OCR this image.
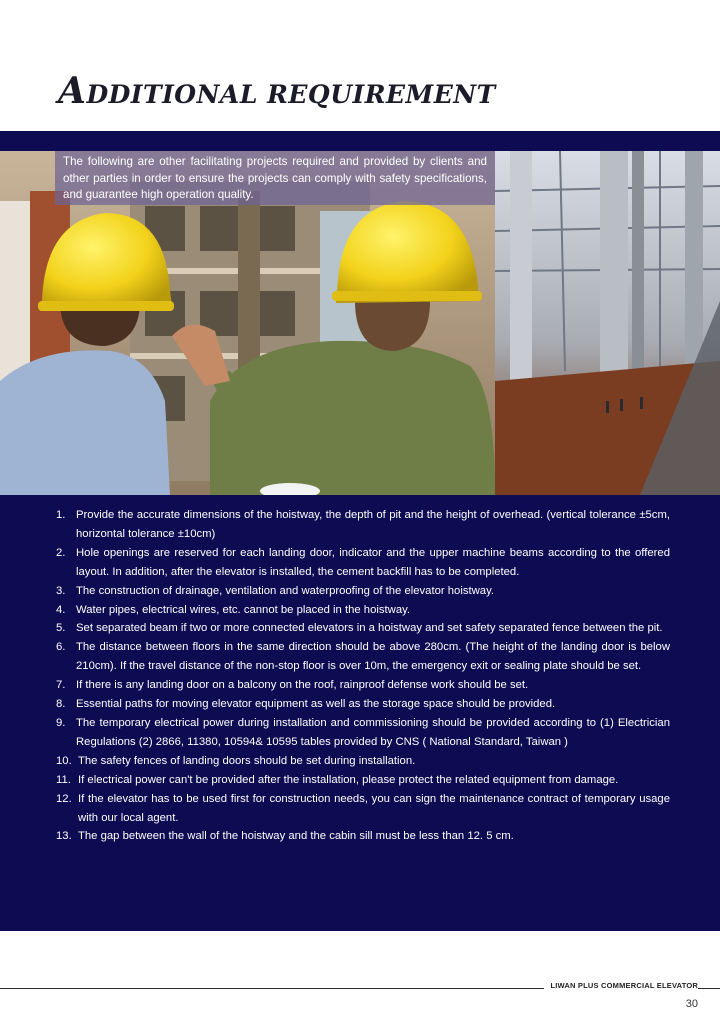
ADDITIONAL REQUIREMENT
The following are other facilitating projects required and provided by clients and other parties in order to ensure the projects can comply with safety specifications, and guarantee high operation quality.
1. Provide the accurate dimensions of the hoistway, the depth of pit and the height of overhead. (vertical tolerance ±5cm, horizontal tolerance ±10cm)
2. Hole openings are reserved for each landing door, indicator and the upper machine beams according to the offered layout. In addition, after the elevator is installed, the cement backfill has to be completed.
3. The construction of drainage, ventilation and waterproofing of the elevator hoistway.
4. Water pipes, electrical wires, etc. cannot be placed in the hoistway.
5. Set separated beam if two or more connected elevators in a hoistway and set safety separated fence between the pit.
6. The distance between floors in the same direction should be above 280cm. (The height of the landing door is below 210cm). If the travel distance of the non-stop floor is over 10m, the emergency exit or sealing plate should be set.
7. If there is any landing door on a balcony on the roof, rainproof defense work should be set.
8. Essential paths for moving elevator equipment as well as the storage space should be provided.
9. The temporary electrical power during installation and commissioning should be provided according to (1) Electrician Regulations (2) 2866, 11380, 10594& 10595 tables provided by CNS ( National Standard, Taiwan )
10. The safety fences of landing doors should be set during installation.
11. If electrical power can't be provided after the installation, please protect the related equipment from damage.
12. If the elevator has to be used first for construction needs, you can sign the maintenance contract of temporary usage with our local agent.
13. The gap between the wall of the hoistway and the cabin sill must be less than 12. 5 cm.
LIWAN PLUS COMMERCIAL ELEVATOR
30
